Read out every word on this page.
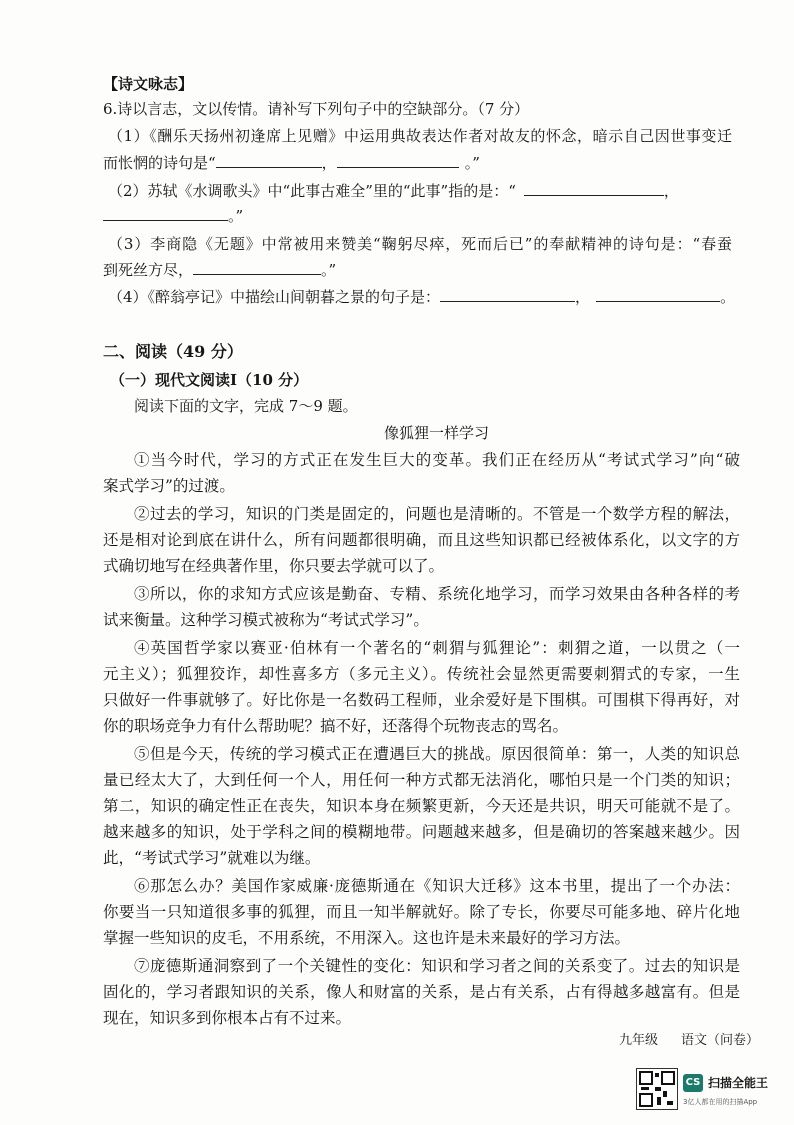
【诗文咏志】
6.诗以言志，文以传情。请补写下列句子中的空缺部分。（7 分）
（1）《酬乐天扬州初逢席上见赠》中运用典故表达作者对故友的怀念，暗示自己因世事变迁
而怅惘的诗句是“	，	。”
（2）苏轼《水调歌头》中“此事古难全”里的“此事”指的是：“	，
。”
（3）李商隐《无题》中常被用来赞美“鞠躬尽瘁，死而后已”的奉献精神的诗句是：“春蚕
到死丝方尽，	。”
（4）《醉翁亭记》中描绘山间朝暮之景的句子是：	，	。
二、阅读（49 分）
（一）现代文阅读Ⅰ（10 分）
阅读下面的文字，完成 7～9 题。
像狐狸一样学习
①当今时代，学习的方式正在发生巨大的变革。我们正在经历从“考试式学习”向“破
案式学习”的过渡。
②过去的学习，知识的门类是固定的，问题也是清晰的。不管是一个数学方程的解法，
还是相对论到底在讲什么，所有问题都很明确，而且这些知识都已经被体系化，以文字的方
式确切地写在经典著作里，你只要去学就可以了。
③所以，你的求知方式应该是勤奋、专精、系统化地学习，而学习效果由各种各样的考
试来衡量。这种学习模式被称为“考试式学习”。
④英国哲学家以赛亚·伯林有一个著名的“刺猬与狐狸论”：刺猬之道，一以贯之（一
元主义）；狐狸狡诈，却性喜多方（多元主义）。传统社会显然更需要刺猬式的专家，一生
只做好一件事就够了。好比你是一名数码工程师，业余爱好是下围棋。可围棋下得再好，对
你的职场竞争力有什么帮助呢？搞不好，还落得个玩物丧志的骂名。
⑤但是今天，传统的学习模式正在遭遇巨大的挑战。原因很简单：第一，人类的知识总
量已经太大了，大到任何一个人，用任何一种方式都无法消化，哪怕只是一个门类的知识；
第二，知识的确定性正在丧失，知识本身在频繁更新，今天还是共识，明天可能就不是了。
越来越多的知识，处于学科之间的模糊地带。问题越来越多，但是确切的答案越来越少。因
此，“考试式学习”就难以为继。
⑥那怎么办？美国作家威廉·庞德斯通在《知识大迁移》这本书里，提出了一个办法：
你要当一只知道很多事的狐狸，而且一知半解就好。除了专长，你要尽可能多地、碎片化地
掌握一些知识的皮毛，不用系统，不用深入。这也许是未来最好的学习方法。
⑦庞德斯通洞察到了一个关键性的变化：知识和学习者之间的关系变了。过去的知识是
固化的，学习者跟知识的关系，像人和财富的关系，是占有关系，占有得越多越富有。但是
现在，知识多到你根本占有不过来。
九年级 语文（问卷）
CS 扫描全能王
3亿人都在用的扫描App
